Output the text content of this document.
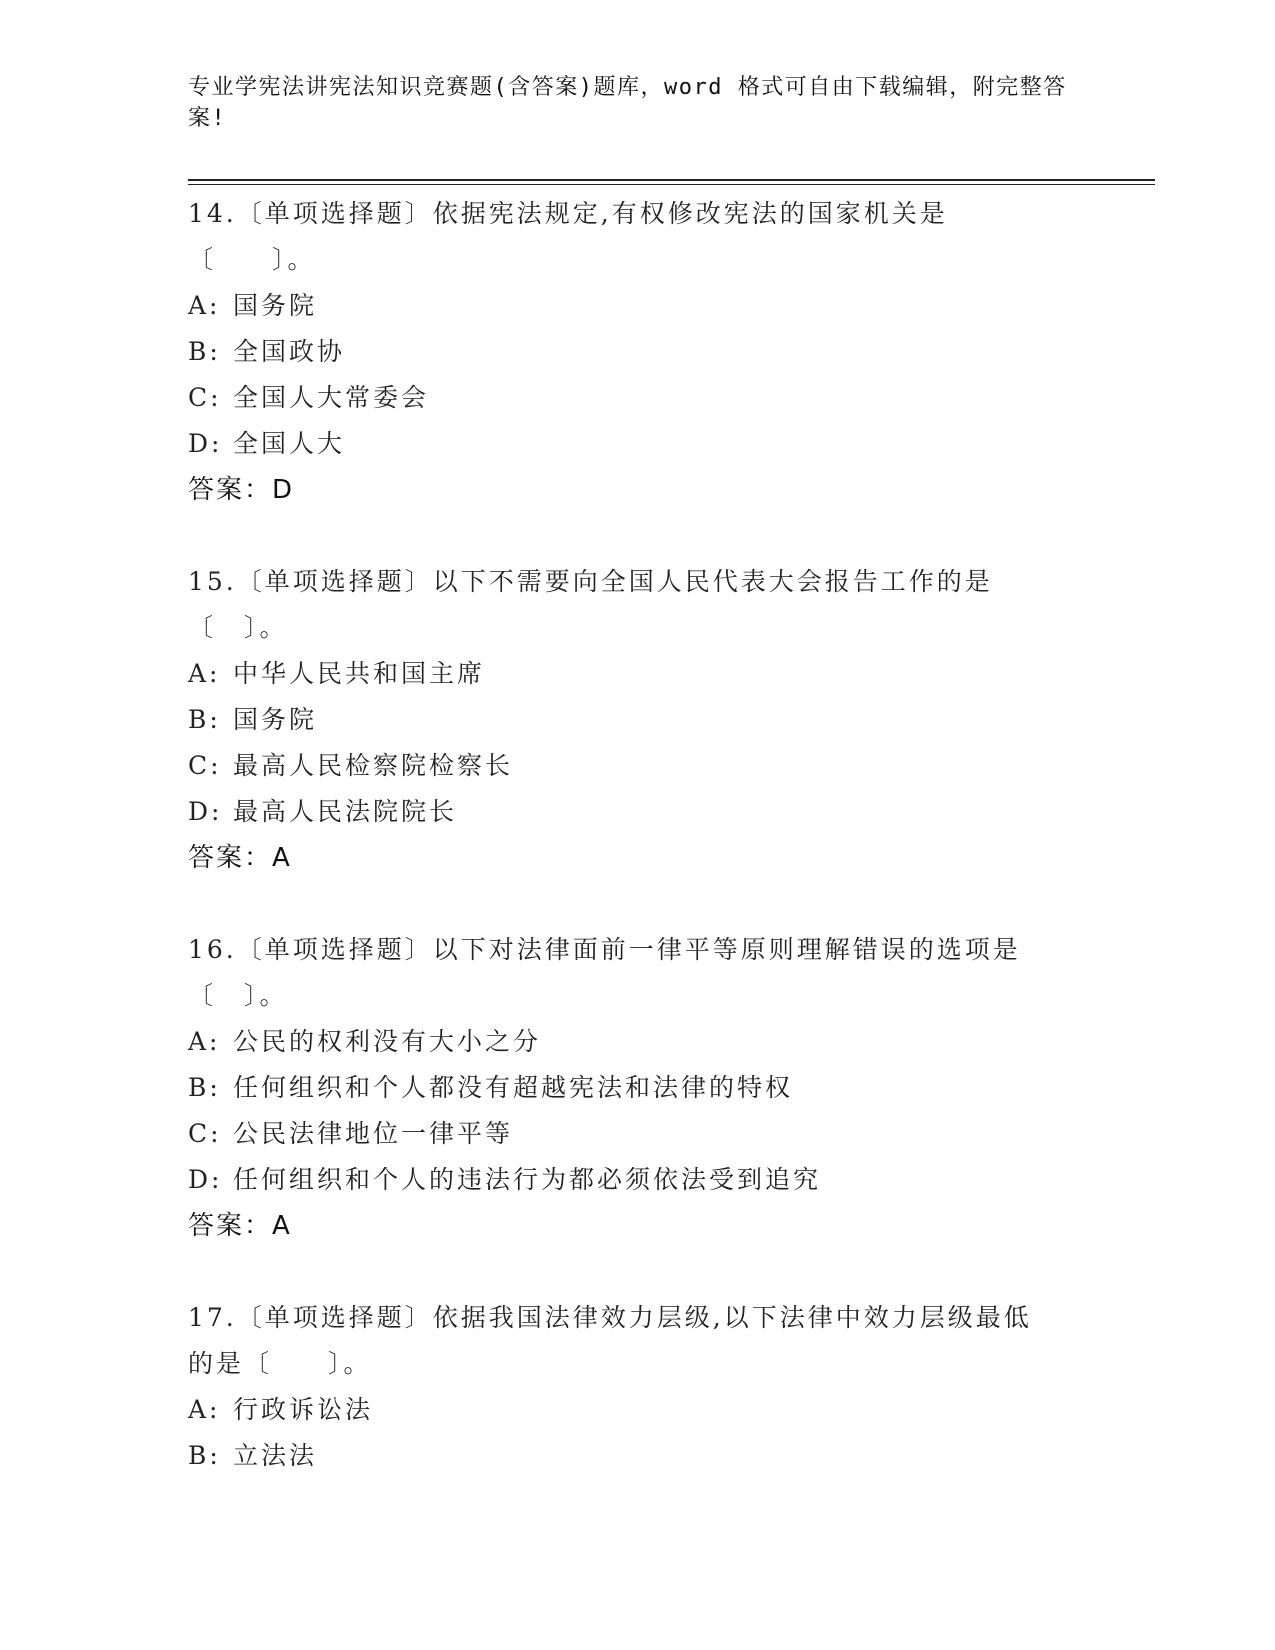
专业学宪法讲宪法知识竞赛题(含答案)题库，word 格式可自由下载编辑，附完整答案!
14.〔单项选择题〕依据宪法规定,有权修改宪法的国家机关是〔　　〕。
A: 国务院
B: 全国政协
C: 全国人大常委会
D: 全国人大
答案：D
15.〔单项选择题〕以下不需要向全国人民代表大会报告工作的是〔　〕。
A: 中华人民共和国主席
B: 国务院
C: 最高人民检察院检察长
D: 最高人民法院院长
答案：A
16.〔单项选择题〕以下对法律面前一律平等原则理解错误的选项是〔　〕。
A: 公民的权利没有大小之分
B: 任何组织和个人都没有超越宪法和法律的特权
C: 公民法律地位一律平等
D: 任何组织和个人的违法行为都必须依法受到追究
答案：A
17.〔单项选择题〕依据我国法律效力层级,以下法律中效力层级最低的是〔　　〕。
A: 行政诉讼法
B: 立法法
